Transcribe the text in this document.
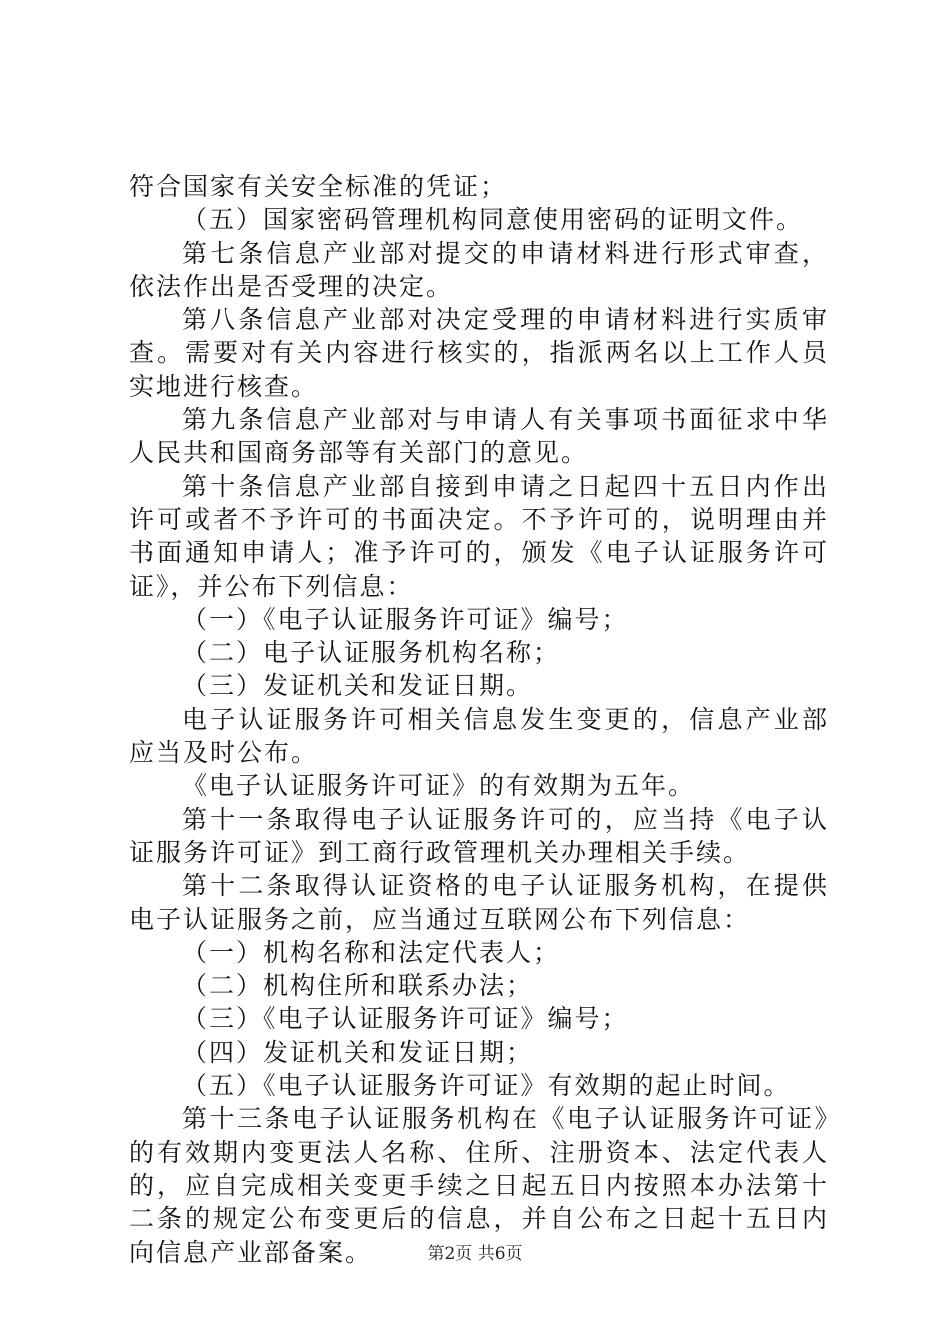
符合国家有关安全标准的凭证；

（五）国家密码管理机构同意使用密码的证明文件。

第七条信息产业部对提交的申请材料进行形式审查，依法作出是否受理的决定。

第八条信息产业部对决定受理的申请材料进行实质审查。需要对有关内容进行核实的，指派两名以上工作人员实地进行核查。

第九条信息产业部对与申请人有关事项书面征求中华人民共和国商务部等有关部门的意见。

第十条信息产业部自接到申请之日起四十五日内作出许可或者不予许可的书面决定。不予许可的，说明理由并书面通知申请人；准予许可的，颁发《电子认证服务许可证》，并公布下列信息：

（一）《电子认证服务许可证》编号；

（二）电子认证服务机构名称；

（三）发证机关和发证日期。

电子认证服务许可相关信息发生变更的，信息产业部应当及时公布。

《电子认证服务许可证》的有效期为五年。

第十一条取得电子认证服务许可的，应当持《电子认证服务许可证》到工商行政管理机关办理相关手续。

第十二条取得认证资格的电子认证服务机构，在提供电子认证服务之前，应当通过互联网公布下列信息：

（一）机构名称和法定代表人；

（二）机构住所和联系办法；

（三）《电子认证服务许可证》编号；

（四）发证机关和发证日期；

（五）《电子认证服务许可证》有效期的起止时间。

第十三条电子认证服务机构在《电子认证服务许可证》的有效期内变更法人名称、住所、注册资本、法定代表人的，应自完成相关变更手续之日起五日内按照本办法第十二条的规定公布变更后的信息，并自公布之日起十五日内向信息产业部备案。	第2页 共6页
